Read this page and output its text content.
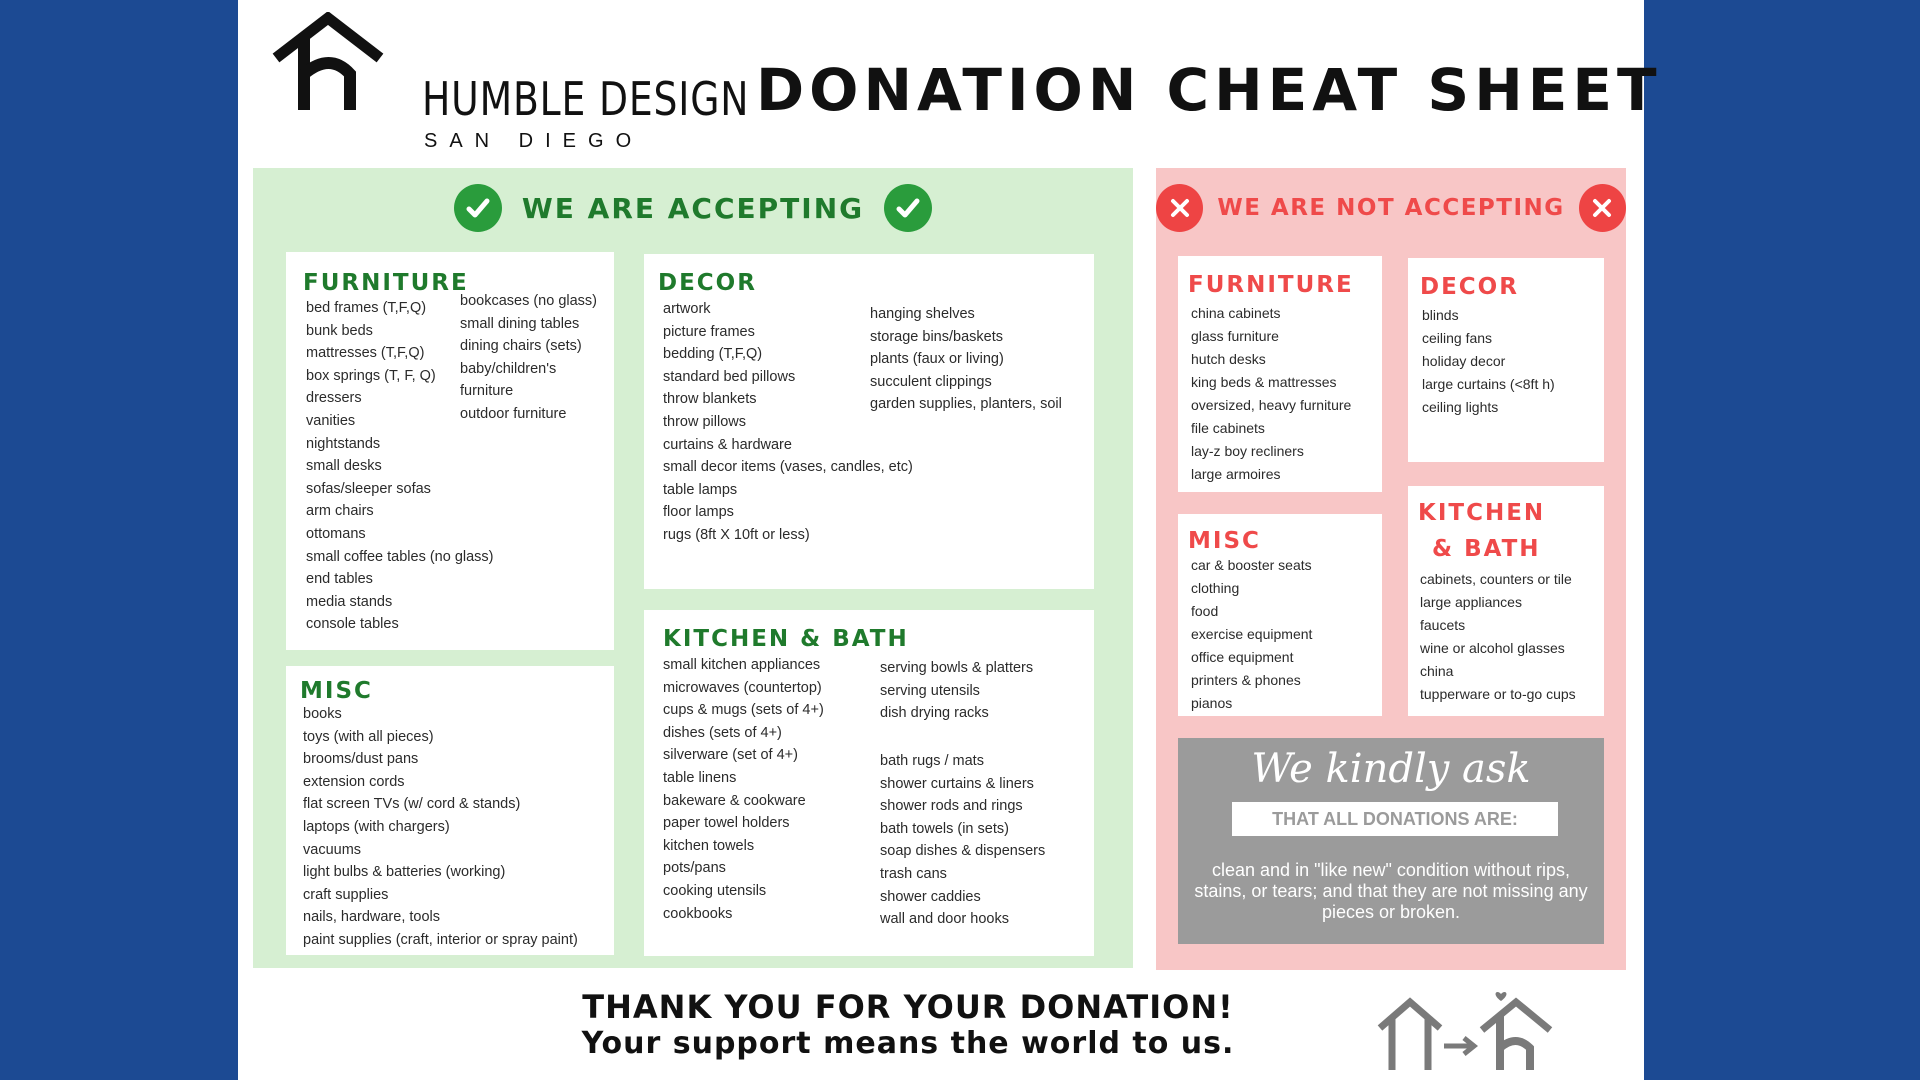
HUMBLE DESIGN
SAN DIEGO
DONATION CHEAT SHEET
WE ARE ACCEPTING
FURNITURE
bed frames (T,F,Q)
bunk beds
mattresses (T,F,Q)
box springs (T, F, Q)
dressers
vanities
nightstands
small desks
sofas/sleeper sofas
arm chairs
ottomans
small coffee tables (no glass)
end tables
media stands
console tables
bookcases (no glass)
small dining tables
dining chairs (sets)
baby/children's
furniture
outdoor furniture
DECOR
artwork
picture frames
bedding (T,F,Q)
standard bed pillows
throw blankets
throw pillows
curtains & hardware
small decor items (vases, candles, etc)
table lamps
floor lamps
rugs (8ft X 10ft or less)
hanging shelves
storage bins/baskets
plants (faux or living)
succulent clippings
garden supplies, planters, soil
MISC
books
toys (with all pieces)
brooms/dust pans
extension cords
flat screen TVs (w/ cord & stands)
laptops (with chargers)
vacuums
light bulbs & batteries (working)
craft supplies
nails, hardware, tools
paint supplies (craft, interior or spray paint)
KITCHEN & BATH
small kitchen appliances
microwaves (countertop)
cups & mugs (sets of 4+)
dishes (sets of 4+)
silverware (set of 4+)
table linens
bakeware & cookware
paper towel holders
kitchen towels
pots/pans
cooking utensils
cookbooks
serving bowls & platters
serving utensils
dish drying racks
bath rugs / mats
shower curtains & liners
shower rods and rings
bath towels (in sets)
soap dishes & dispensers
trash cans
shower caddies
wall and door hooks
WE ARE NOT ACCEPTING
FURNITURE
china cabinets
glass furniture
hutch desks
king beds & mattresses
oversized, heavy furniture
file cabinets
lay-z boy recliners
large armoires
DECOR
blinds
ceiling fans
holiday decor
large curtains (<8ft h)
ceiling lights
MISC
car & booster seats
clothing
food
exercise equipment
office equipment
printers & phones
pianos
KITCHEN
& BATH
cabinets, counters or tile
large appliances
faucets
wine or alcohol glasses
china
tupperware or to-go cups
We kindly ask
THAT ALL DONATIONS ARE:
clean and in "like new" condition without rips, stains, or tears; and that they are not missing any pieces or broken.
THANK YOU FOR YOUR DONATION!
Your support means the world to us.
